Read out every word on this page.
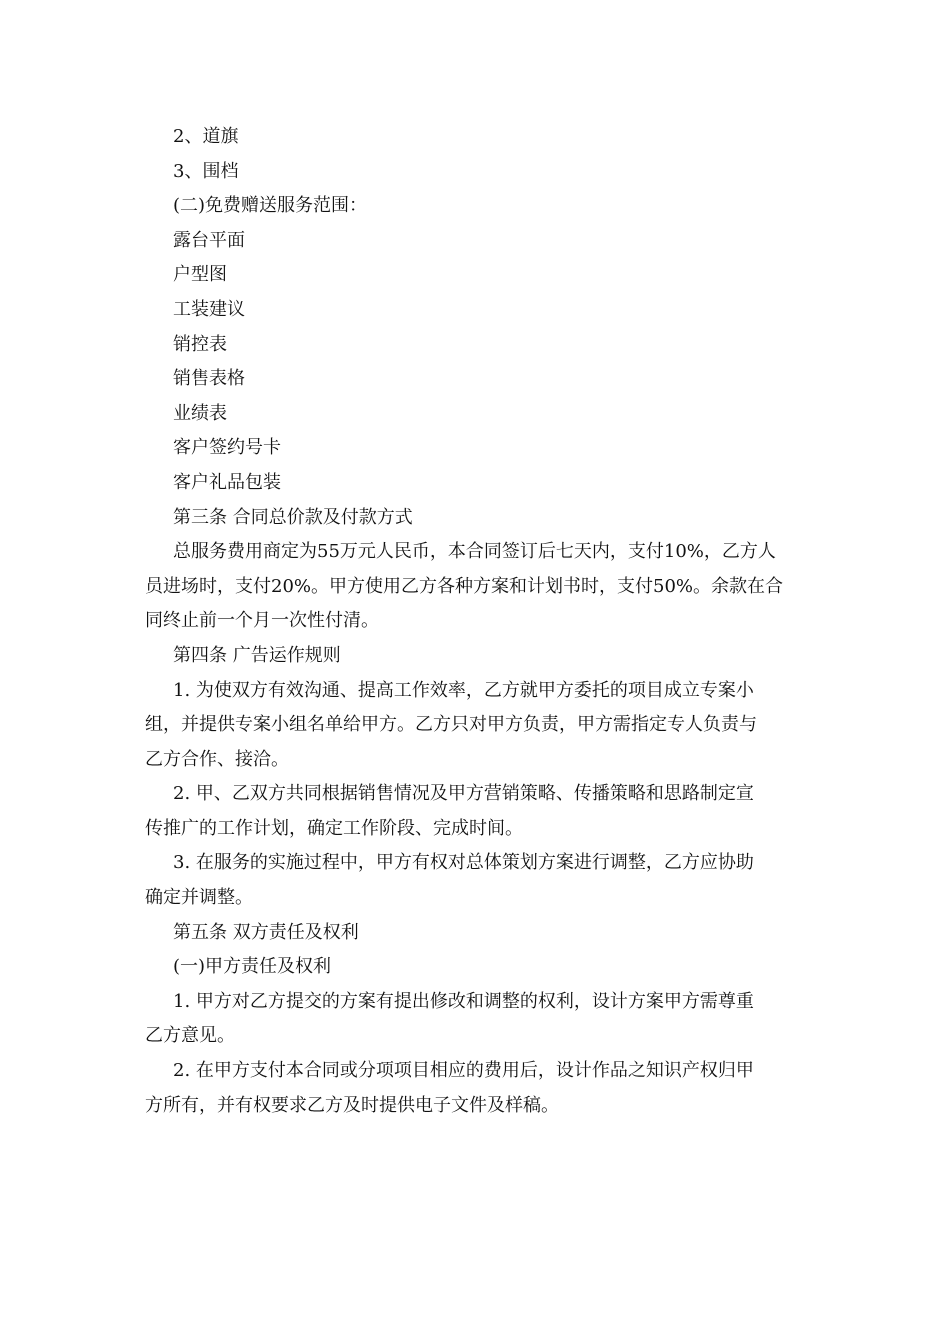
2、道旗
3、围档
(二)免费赠送服务范围：
露台平面
户型图
工装建议
销控表
销售表格
业绩表
客户签约号卡
客户礼品包装
第三条 合同总价款及付款方式
总服务费用商定为55万元人民币，本合同签订后七天内，支付10%，乙方人
员进场时，支付20%。甲方使用乙方各种方案和计划书时，支付50%。余款在合
同终止前一个月一次性付清。
第四条 广告运作规则
1. 为使双方有效沟通、提高工作效率，乙方就甲方委托的项目成立专案小
组，并提供专案小组名单给甲方。乙方只对甲方负责，甲方需指定专人负责与
乙方合作、接洽。
2. 甲、乙双方共同根据销售情况及甲方营销策略、传播策略和思路制定宣
传推广的工作计划，确定工作阶段、完成时间。
3. 在服务的实施过程中，甲方有权对总体策划方案进行调整，乙方应协助
确定并调整。
第五条 双方责任及权利
(一)甲方责任及权利
1. 甲方对乙方提交的方案有提出修改和调整的权利，设计方案甲方需尊重
乙方意见。
2. 在甲方支付本合同或分项项目相应的费用后，设计作品之知识产权归甲
方所有，并有权要求乙方及时提供电子文件及样稿。
